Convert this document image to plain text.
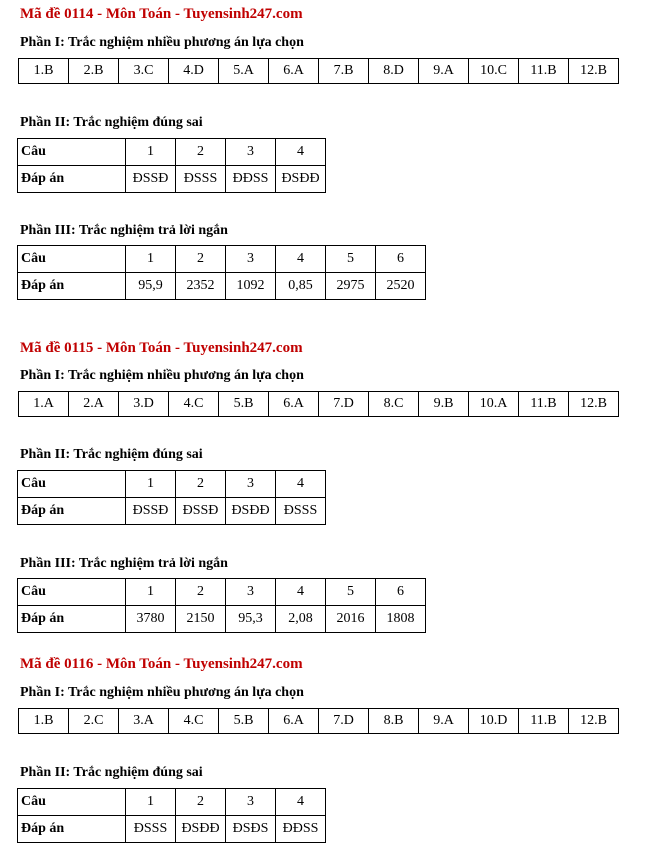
Mã đề 0114 - Môn Toán - Tuyensinh247.com
Phần I: Trắc nghiệm nhiều phương án lựa chọn
1.B	2.B	3.C	4.D	5.A	6.A	7.B	8.D	9.A	10.C	11.B	12.B
Phần II: Trắc nghiệm đúng sai
Câu	1	2	3	4
Đáp án	ĐSSĐ	ĐSSS	ĐĐSS	ĐSĐĐ
Phần III: Trắc nghiệm trả lời ngắn
Câu	1	2	3	4	5	6
Đáp án	95,9	2352	1092	0,85	2975	2520
Mã đề 0115 - Môn Toán - Tuyensinh247.com
Phần I: Trắc nghiệm nhiều phương án lựa chọn
1.A	2.A	3.D	4.C	5.B	6.A	7.D	8.C	9.B	10.A	11.B	12.B
Phần II: Trắc nghiệm đúng sai
Câu	1	2	3	4
Đáp án	ĐSSĐ	ĐSSĐ	ĐSĐĐ	ĐSSS
Phần III: Trắc nghiệm trả lời ngắn
Câu	1	2	3	4	5	6
Đáp án	3780	2150	95,3	2,08	2016	1808
Mã đề 0116 - Môn Toán - Tuyensinh247.com
Phần I: Trắc nghiệm nhiều phương án lựa chọn
1.B	2.C	3.A	4.C	5.B	6.A	7.D	8.B	9.A	10.D	11.B	12.B
Phần II: Trắc nghiệm đúng sai
Câu	1	2	3	4
Đáp án	ĐSSS	ĐSĐĐ	ĐSĐS	ĐĐSS
